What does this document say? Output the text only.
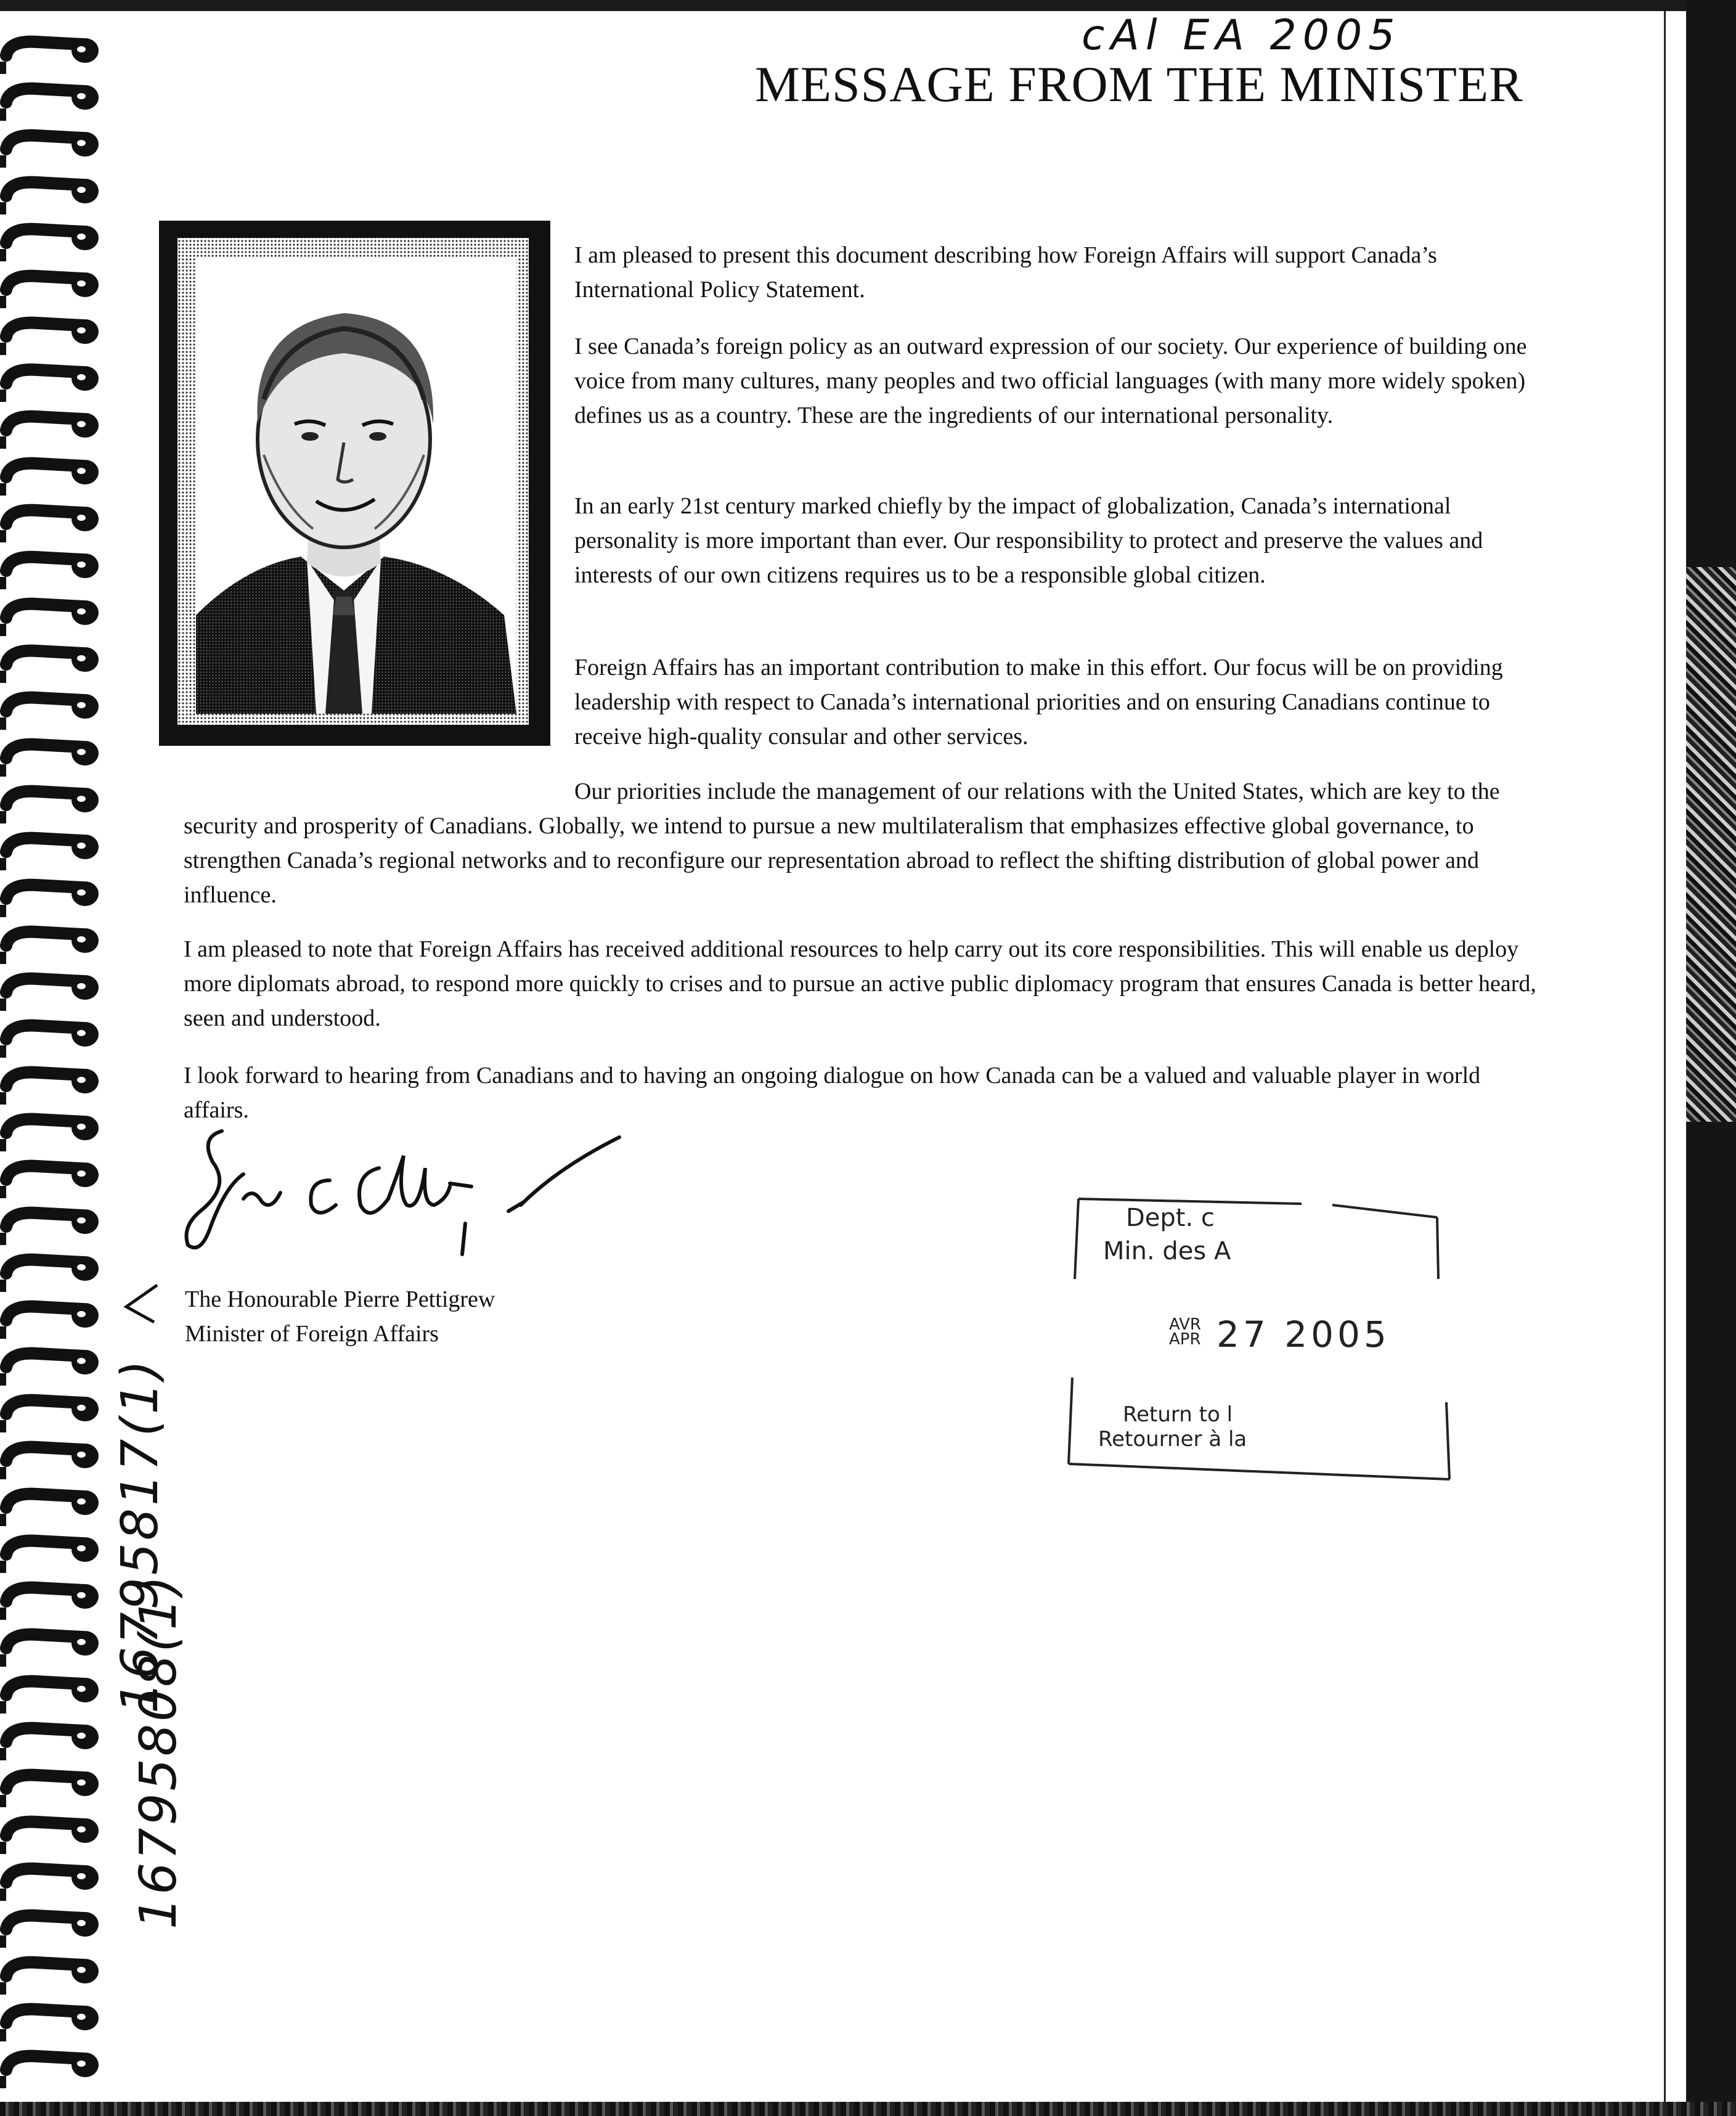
cAl EA 2005
MESSAGE FROM THE MINISTER

I am pleased to present this document describing how Foreign Affairs will support Canada’s International Policy Statement.

I see Canada’s foreign policy as an outward expression of our society. Our experience of building one voice from many cultures, many peoples and two official languages (with many more widely spoken) defines us as a country. These are the ingredients of our international personality.

In an early 21st century marked chiefly by the impact of globalization, Canada’s international personality is more important than ever. Our responsibility to protect and preserve the values and interests of our own citizens requires us to be a responsible global citizen.

Foreign Affairs has an important contribution to make in this effort. Our focus will be on providing leadership with respect to Canada’s international priorities and on ensuring Canadians continue to receive high-quality consular and other services.

Our priorities include the management of our relations with the United States, which are key to the security and prosperity of Canadians. Globally, we intend to pursue a new multilateralism that emphasizes effective global governance, to strengthen Canada’s regional networks and to reconfigure our representation abroad to reflect the shifting distribution of global power and influence.

I am pleased to note that Foreign Affairs has received additional resources to help carry out its core responsibilities. This will enable us deploy more diplomats abroad, to respond more quickly to crises and to pursue an active public diplomacy program that ensures Canada is better heard, seen and understood.

I look forward to hearing from Canadians and to having an ongoing dialogue on how Canada can be a valued and valuable player in world affairs.

The Honourable Pierre Pettigrew
Minister of Foreign Affairs
Dept. c
Min. des A
AVR
APR 27 2005
Return to l
Retourner à la
16795817(1)
16795808(1)
